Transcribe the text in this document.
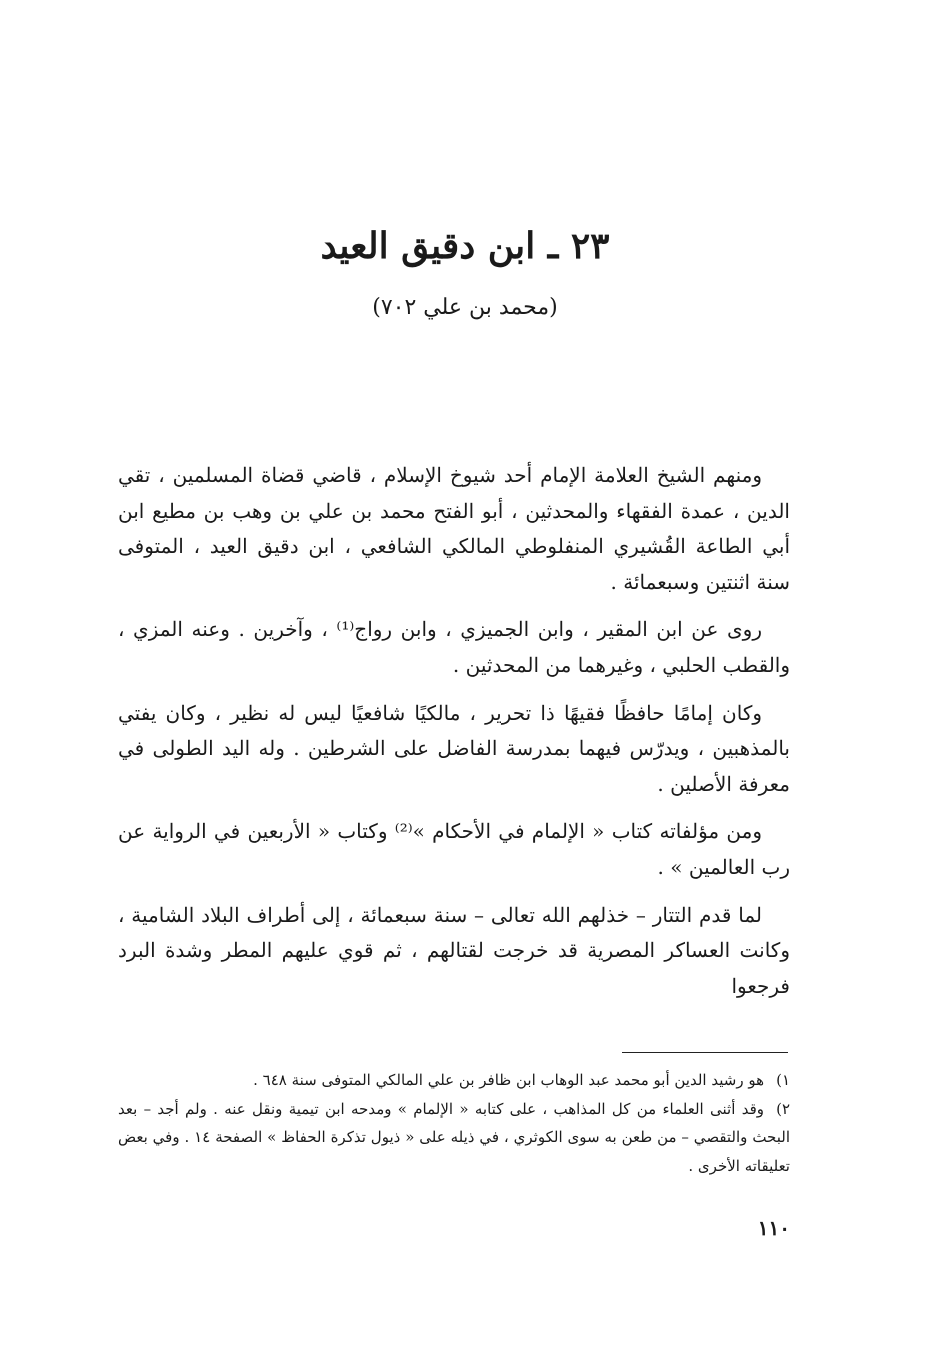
٢٣ ـ ابن دقيق العيد
(محمد بن علي ٧٠٢)

ومنهم الشيخ العلامة الإمام أحد شيوخ الإسلام ، قاضي قضاة المسلمين ، تقي الدين ، عمدة الفقهاء والمحدثين ، أبو الفتح محمد بن علي بن وهب بن مطيع ابن أبي الطاعة القُشيري المنفلوطي المالكي الشافعي ، ابن دقيق العيد ، المتوفى سنة اثنتين وسبعمائة .

روى عن ابن المقير ، وابن الجميزي ، وابن رواج⁽¹⁾ ، وآخرين . وعنه المزي ، والقطب الحلبي ، وغيرهما من المحدثين .

وكان إمامًا حافظًا فقيهًا ذا تحرير ، مالكيًا شافعيًا ليس له نظير ، وكان يفتي بالمذهبين ، ويدرّس فيهما بمدرسة الفاضل على الشرطين . وله اليد الطولى في معرفة الأصلين .

ومن مؤلفاته كتاب « الإلمام في الأحكام »⁽²⁾ وكتاب « الأربعين في الرواية عن رب العالمين » .

لما قدم التتار – خذلهم الله تعالى – سنة سبعمائة ، إلى أطراف البلاد الشامية ، وكانت العساكر المصرية قد خرجت لقتالهم ، ثم قوي عليهم المطر وشدة البرد فرجعوا

١)هو رشيد الدين أبو محمد عبد الوهاب ابن ظافر بن علي المالكي المتوفى سنة ٦٤٨ .

٢)وقد أثنى العلماء من كل المذاهب ، على كتابه « الإلمام » ومدحه ابن تيمية ونقل عنه . ولم أجد – بعد البحث والتقصي – من طعن به سوى الكوثري ، في ذيله على « ذيول تذكرة الحفاظ » الصفحة ١٤ . وفي بعض تعليقاته الأخرى .

١١٠
